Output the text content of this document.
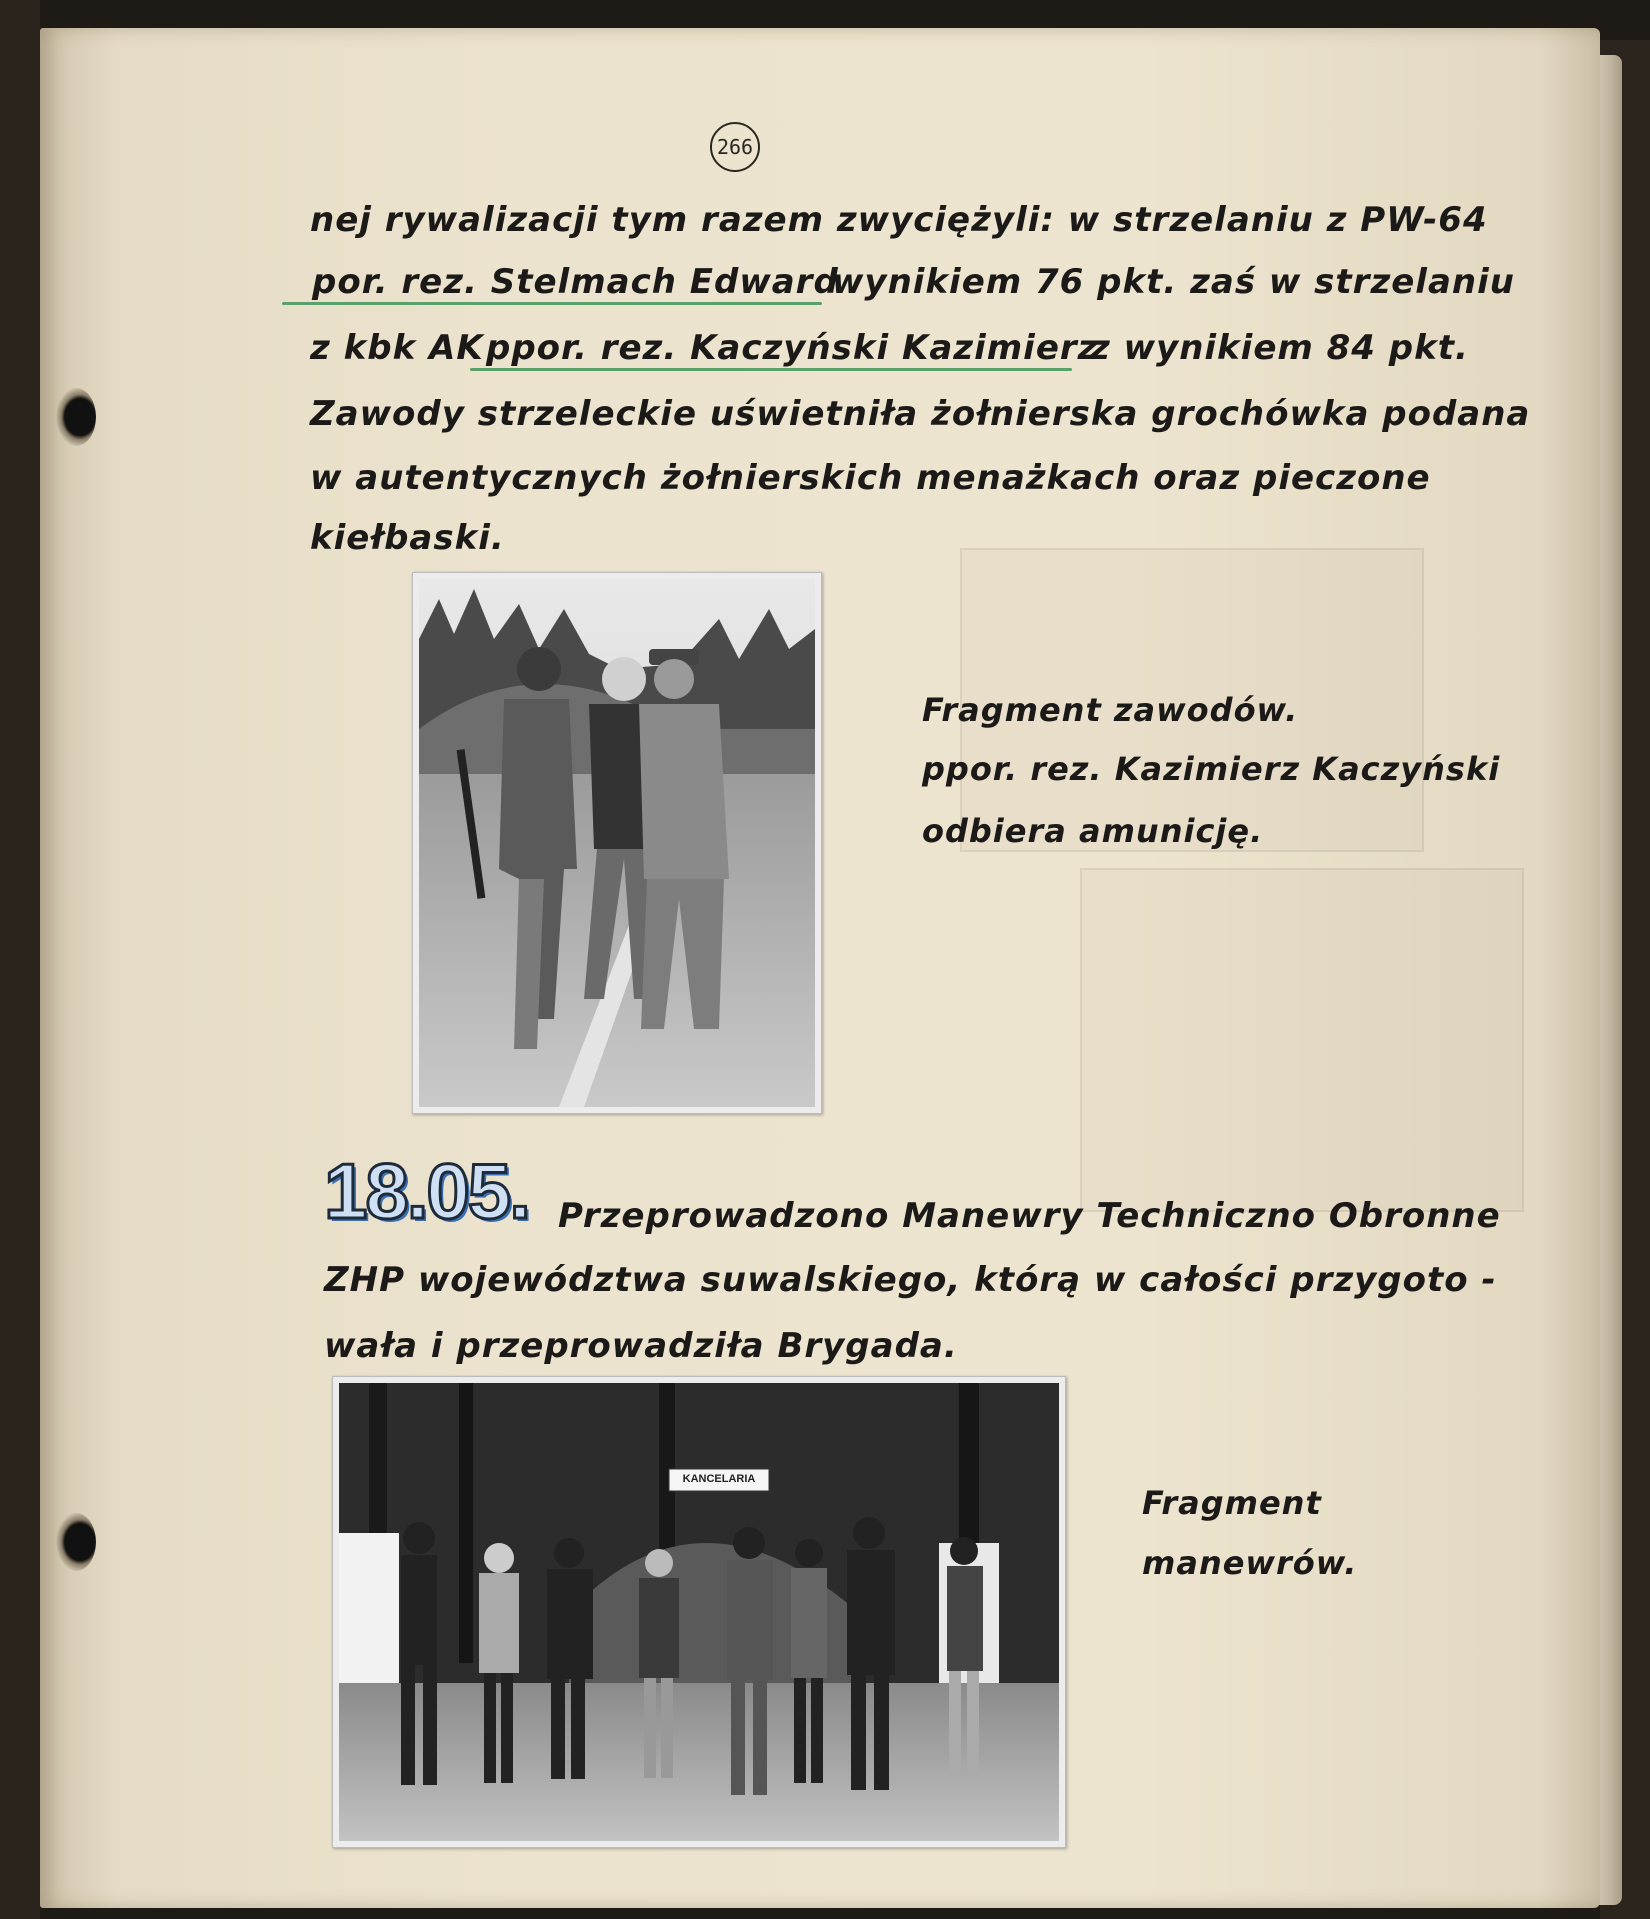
266
nej rywalizacji tym razem zwyciężyli: w strzelaniu z PW-64
por. rez. Stelmach Edward
wynikiem 76 pkt. zaś w strzelaniu
z kbk AK ppor. rez. Kaczyński Kazimierz
z wynikiem 84 pkt.
Zawody strzeleckie uświetniła żołnierska grochówka podana
w autentycznych żołnierskich menażkach oraz pieczone
kiełbaski.
Fragment zawodów.
ppor. rez. Kazimierz Kaczyński
odbiera amunicję.
18.05. Przeprowadzono Manewry Techniczno Obronne
ZHP województwa suwalskiego, którą w całości przygoto -
wała i przeprowadziła Brygada.
KANCELARIA
Fragment
manewrów.
